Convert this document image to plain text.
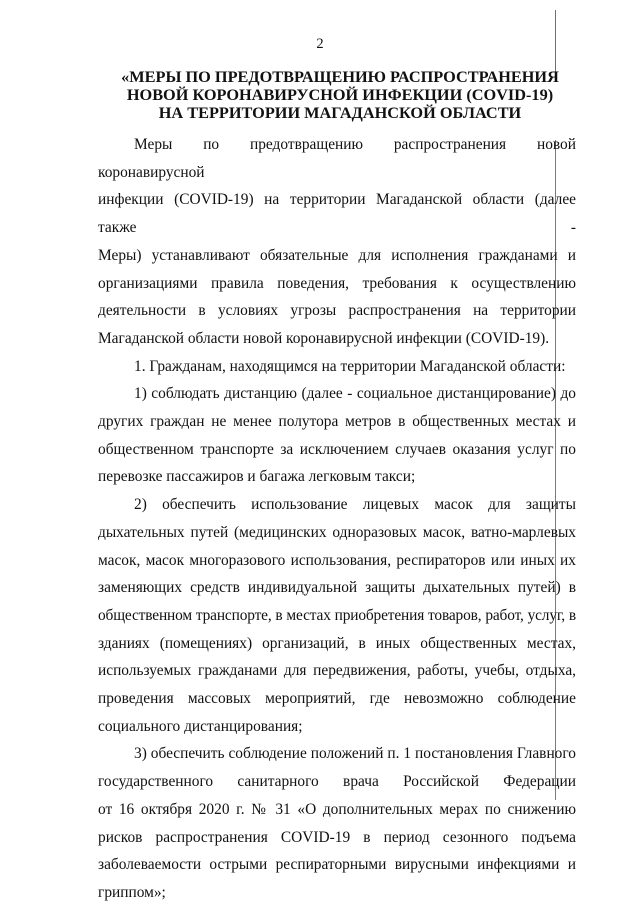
2
«МЕРЫ ПО ПРЕДОТВРАЩЕНИЮ РАСПРОСТРАНЕНИЯ
НОВОЙ КОРОНАВИРУСНОЙ ИНФЕКЦИИ (COVID-19)
НА ТЕРРИТОРИИ МАГАДАНСКОЙ ОБЛАСТИ

Меры по предотвращению распространения новой коронавирусной

инфекции (COVID-19) на территории Магаданской области (далее также -

Меры) устанавливают обязательные для исполнения гражданами и

организациями правила поведения, требования к осуществлению

деятельности в условиях угрозы распространения на территории

Магаданской области новой коронавирусной инфекции (COVID-19).

1. Гражданам, находящимся на территории Магаданской области:

1) соблюдать дистанцию (далее - социальное дистанцирование) до

других граждан не менее полутора метров в общественных местах и

общественном транспорте за исключением случаев оказания услуг по

перевозке пассажиров и багажа легковым такси;

2) обеспечить использование лицевых масок для защиты

дыхательных путей (медицинских одноразовых масок, ватно-марлевых

масок, масок многоразового использования, респираторов или иных их

заменяющих средств индивидуальной защиты дыхательных путей) в

общественном транспорте, в местах приобретения товаров, работ, услуг, в

зданиях (помещениях) организаций, в иных общественных местах,

используемых гражданами для передвижения, работы, учебы, отдыха,

проведения массовых мероприятий, где невозможно соблюдение

социального дистанцирования;

3) обеспечить соблюдение положений п. 1 постановления Главного

государственного санитарного врача Российской Федерации

от 16 октября 2020 г. № 31 «О дополнительных мерах по снижению

рисков распространения COVID-19 в период сезонного подъема

заболеваемости острыми респираторными вирусными инфекциями и

гриппом»;
